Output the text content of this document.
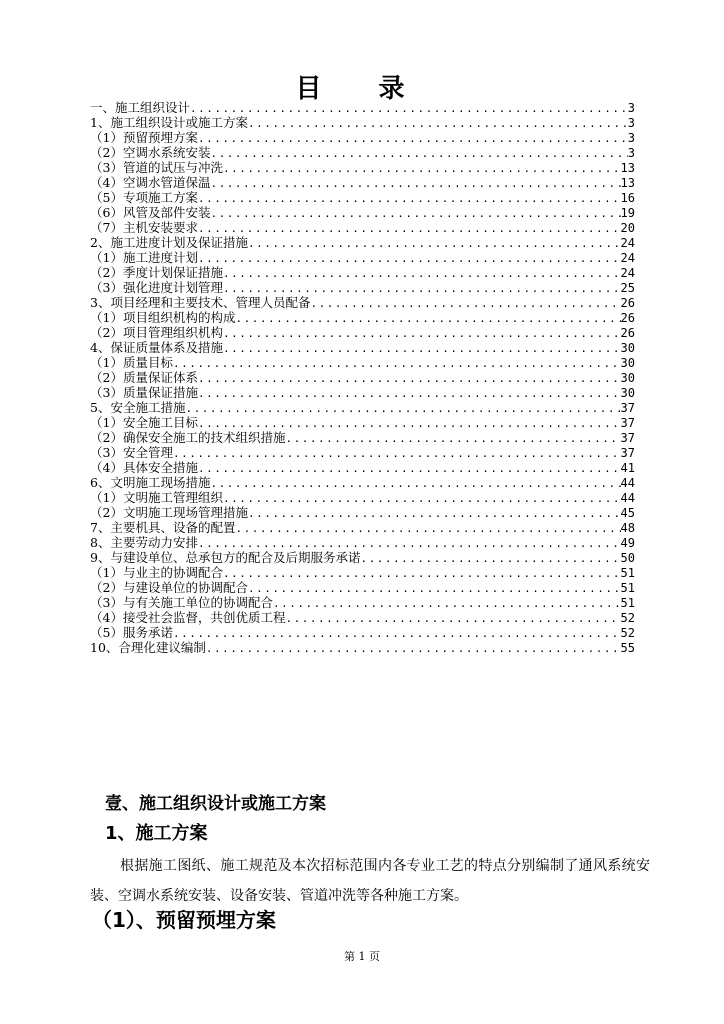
目 录
一、施工组织设计 .....	3
1、施工组织设计或施工方案 .....	3
（1）预留预埋方案 .....	3
（2）空调水系统安装 .....	3
（3）管道的试压与冲洗 .....	13
（4）空调水管道保温 .....	13
（5）专项施工方案 .....	16
（6）风管及部件安装 .....	19
（7）主机安装要求 .....	20
2、施工进度计划及保证措施 .....	24
（1）施工进度计划 .....	24
（2）季度计划保证措施 .....	24
（3）强化进度计划管理 .....	25
3、项目经理和主要技术、管理人员配备 .....	26
（1）项目组织机构的构成 .....	26
（2）项目管理组织机构 .....	26
4、保证质量体系及措施 .....	30
（1）质量目标 .....	30
（2）质量保证体系 .....	30
（3）质量保证措施 .....	30
5、安全施工措施 .....	37
（1）安全施工目标 .....	37
（2）确保安全施工的技术组织措施 .....	37
（3）安全管理 .....	37
（4）具体安全措施 .....	41
6、文明施工现场措施 .....	44
（1）文明施工管理组织 .....	44
（2）文明施工现场管理措施 .....	45
7、主要机具、设备的配置 .....	48
8、主要劳动力安排 .....	49
9、与建设单位、总承包方的配合及后期服务承诺 .....	50
（1）与业主的协调配合 .....	51
（2）与建设单位的协调配合 .....	51
（3）与有关施工单位的协调配合 .....	51
（4）接受社会监督，共创优质工程 .....	52
（5）服务承诺 .....	52
10、合理化建议编制 .....	55
壹、施工组织设计或施工方案
1、施工方案
根据施工图纸、施工规范及本次招标范围内各专业工艺的特点分别编制了通风系统安装、空调水系统安装、设备安装、管道冲洗等各种施工方案。
（1）、预留预埋方案
第 1 页
